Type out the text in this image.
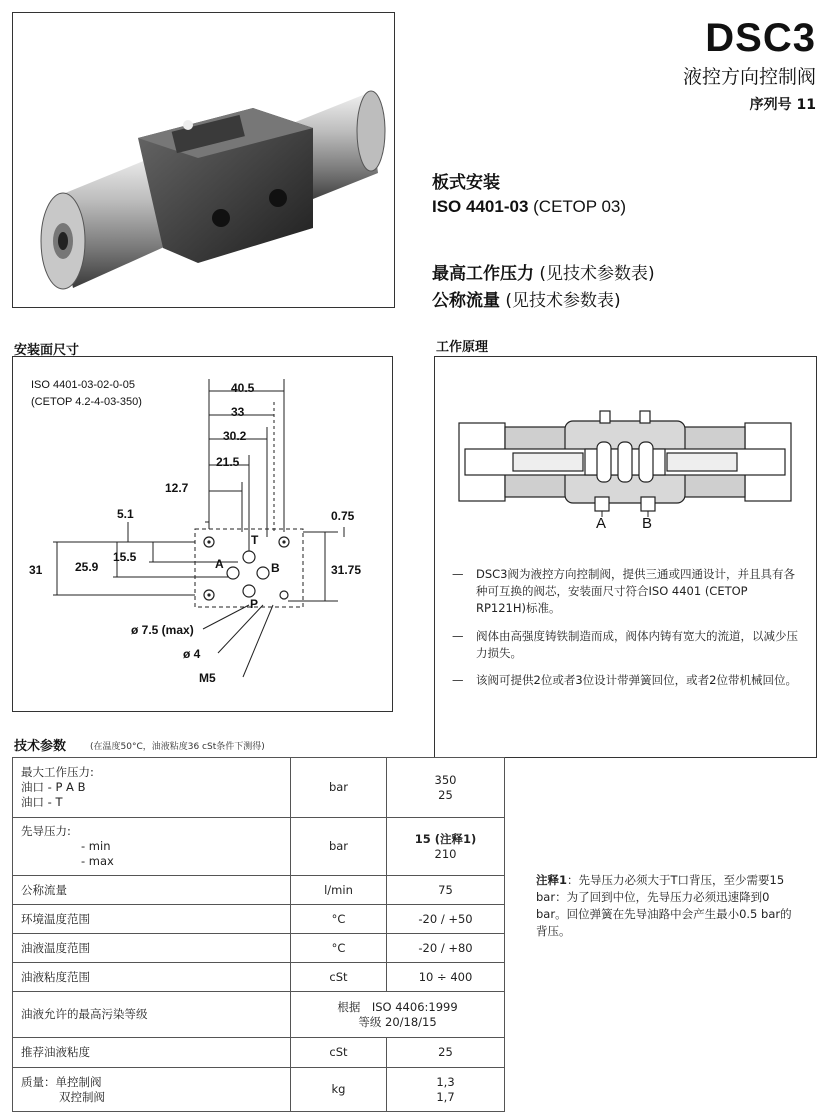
DSC3
液控方向控制阀
序列号 11
板式安装
ISO 4401-03 (CETOP 03)
最高工作压力 (见技术参数表)
公称流量 (见技术参数表)
安装面尺寸	工作原理
ISO 4401-03-02-0-05
(CETOP 4.2-4-03-350)
40.5
33
30.2
21.5
12.7
5.1	0.75
15.5
25.9
31	31.75
T
A	B
P
ø 7.5 (max)
ø 4
M5
A B
— DSC3阀为液控方向控制阀，提供三通或四通设计，并且具有各种可互换的阀芯，安装面尺寸符合ISO 4401 (CETOP RP121H)标准。
— 阀体由高强度铸铁制造而成，阀体内铸有宽大的流道，以减少压力损失。
— 该阀可提供2位或者3位设计带弹簧回位，或者2位带机械回位。
技术参数	(在温度50°C，油液粘度36 cSt条件下测得)
最大工作压力:
油口 - P A B
油口 - T	bar	350
25

先导压力:
- min
- max	bar	15 (注释1)
210

公称流量	l/min	75
环境温度范围	°C	-20 / +50
油液温度范围	°C	-20 / +80
油液粘度范围	cSt	10 ÷ 400
油液允许的最高污染等级	根据　ISO 4406:1999
等级 20/18/15	

推荐油液粘度	cSt	25

质量：单控制阀
双控制阀	kg	1,3
1,7
注释1：先导压力必须大于T口背压，至少需要15 bar：为了回到中位，先导压力必须迅速降到0 bar。回位弹簧在先导油路中会产生最小0.5 bar的背压。
